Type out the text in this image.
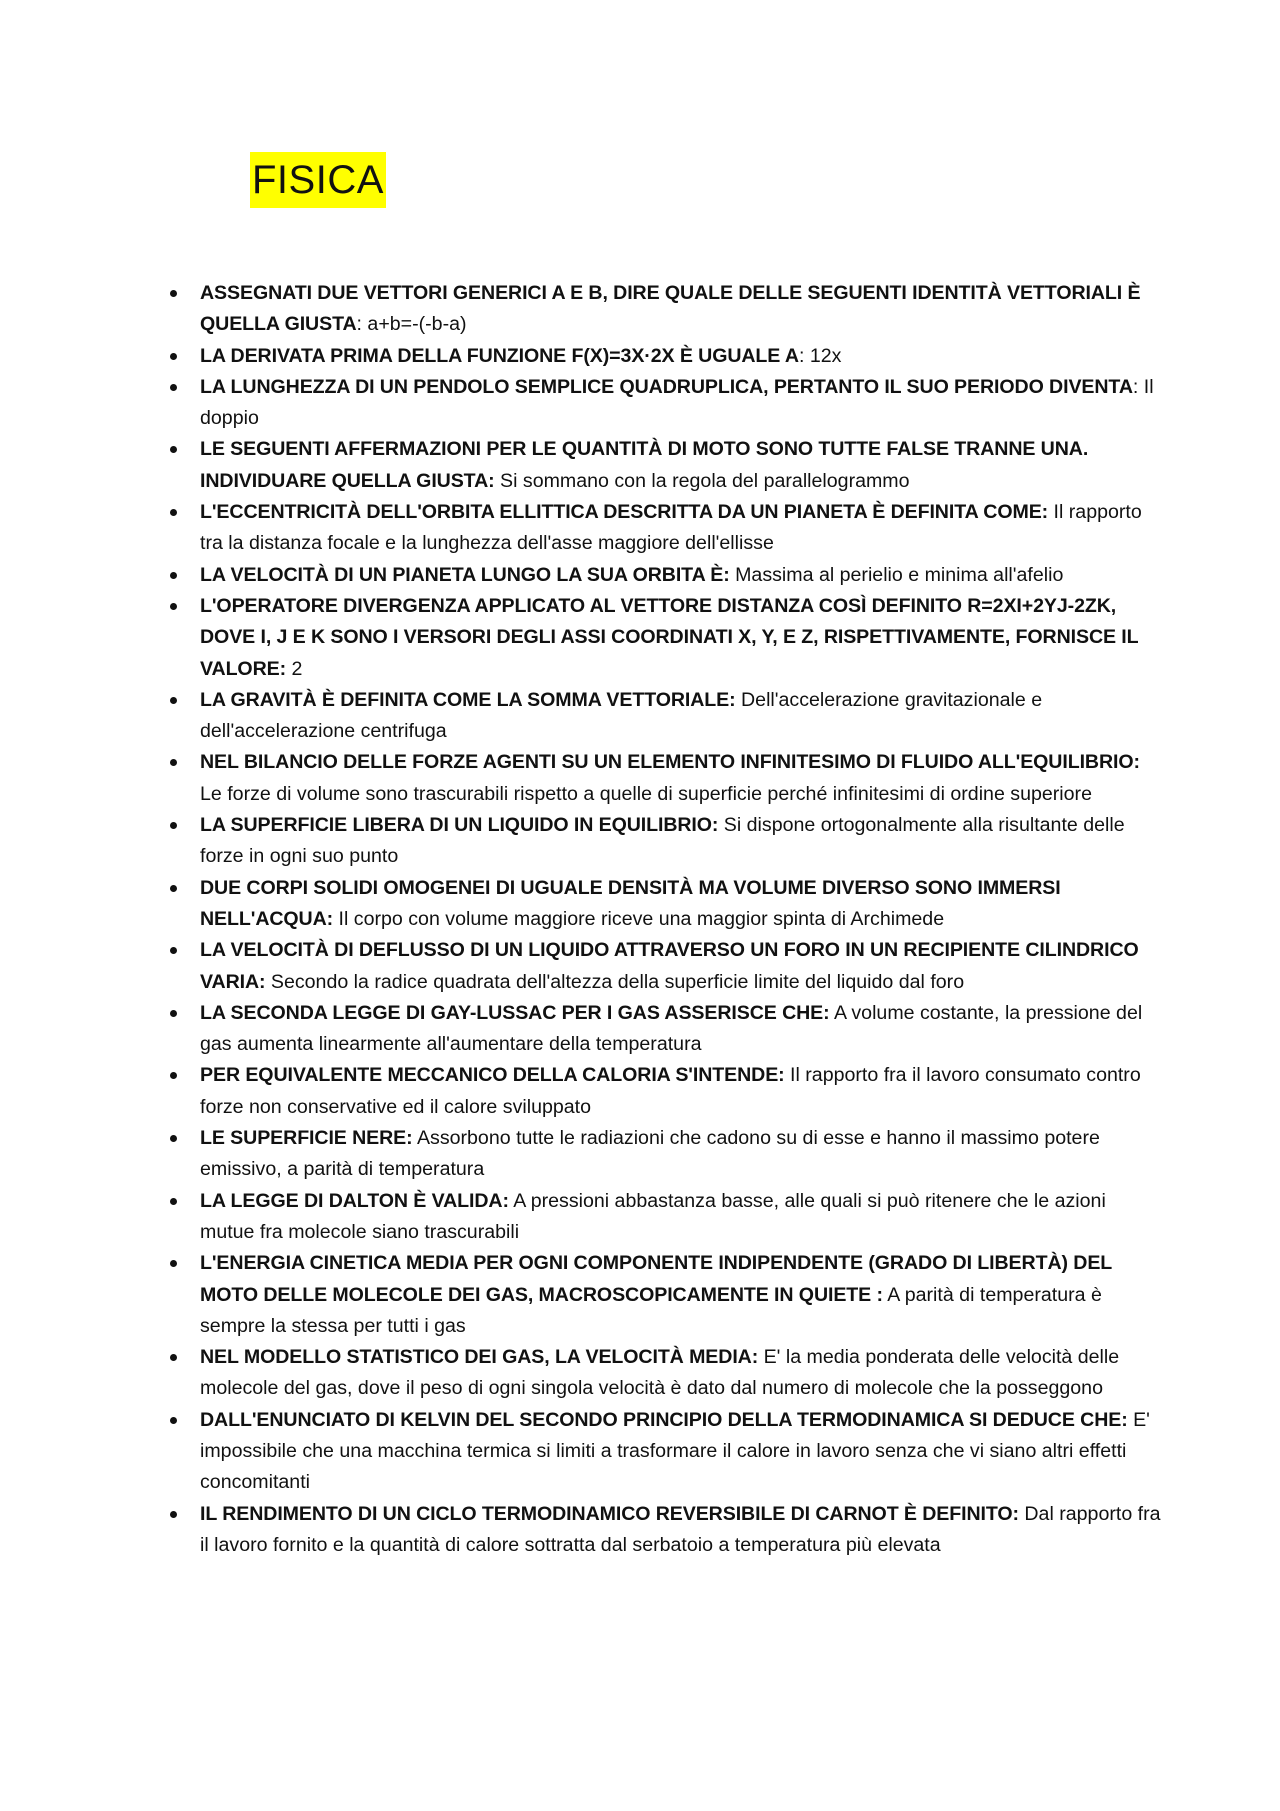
FISICA
ASSEGNATI DUE VETTORI GENERICI A E B, DIRE QUALE DELLE SEGUENTI IDENTITÀ VETTORIALI È QUELLA GIUSTA: a+b=-(-b-a)
LA DERIVATA PRIMA DELLA FUNZIONE F(X)=3X·2X È UGUALE A: 12x
LA LUNGHEZZA DI UN PENDOLO SEMPLICE QUADRUPLICA, PERTANTO IL SUO PERIODO DIVENTA: Il doppio
LE SEGUENTI AFFERMAZIONI PER LE QUANTITÀ DI MOTO SONO TUTTE FALSE TRANNE UNA. INDIVIDUARE QUELLA GIUSTA: Si sommano con la regola del parallelogrammo
L'ECCENTRICITÀ DELL'ORBITA ELLITTICA DESCRITTA DA UN PIANETA È DEFINITA COME: Il rapporto tra la distanza focale e la lunghezza dell'asse maggiore dell'ellisse
LA VELOCITÀ DI UN PIANETA LUNGO LA SUA ORBITA È: Massima al perielio e minima all'afelio
L'OPERATORE DIVERGENZA APPLICATO AL VETTORE DISTANZA COSÌ DEFINITO R=2XI+2YJ-2ZK, DOVE I, J E K SONO I VERSORI DEGLI ASSI COORDINATI X, Y, E Z, RISPETTIVAMENTE, FORNISCE IL VALORE: 2
LA GRAVITÀ È DEFINITA COME LA SOMMA VETTORIALE: Dell'accelerazione gravitazionale e dell'accelerazione centrifuga
NEL BILANCIO DELLE FORZE AGENTI SU UN ELEMENTO INFINITESIMO DI FLUIDO ALL'EQUILIBRIO: Le forze di volume sono trascurabili rispetto a quelle di superficie perché infinitesimi di ordine superiore
LA SUPERFICIE LIBERA DI UN LIQUIDO IN EQUILIBRIO: Si dispone ortogonalmente alla risultante delle forze in ogni suo punto
DUE CORPI SOLIDI OMOGENEI DI UGUALE DENSITÀ MA VOLUME DIVERSO SONO IMMERSI NELL'ACQUA: Il corpo con volume maggiore riceve una maggior spinta di Archimede
LA VELOCITÀ DI DEFLUSSO DI UN LIQUIDO ATTRAVERSO UN FORO IN UN RECIPIENTE CILINDRICO VARIA: Secondo la radice quadrata dell'altezza della superficie limite del liquido dal foro
LA SECONDA LEGGE DI GAY-LUSSAC PER I GAS ASSERISCE CHE: A volume costante, la pressione del gas aumenta linearmente all'aumentare della temperatura
PER EQUIVALENTE MECCANICO DELLA CALORIA S'INTENDE: Il rapporto fra il lavoro consumato contro forze non conservative ed il calore sviluppato
LE SUPERFICIE NERE: Assorbono tutte le radiazioni che cadono su di esse e hanno il massimo potere emissivo, a parità di temperatura
LA LEGGE DI DALTON È VALIDA: A pressioni abbastanza basse, alle quali si può ritenere che le azioni mutue fra molecole siano trascurabili
L'ENERGIA CINETICA MEDIA PER OGNI COMPONENTE INDIPENDENTE (GRADO DI LIBERTÀ) DEL MOTO DELLE MOLECOLE DEI GAS, MACROSCOPICAMENTE IN QUIETE : A parità di temperatura è sempre la stessa per tutti i gas
NEL MODELLO STATISTICO DEI GAS, LA VELOCITÀ MEDIA: E' la media ponderata delle velocità delle molecole del gas, dove il peso di ogni singola velocità è dato dal numero di molecole che la posseggono
DALL'ENUNCIATO DI KELVIN DEL SECONDO PRINCIPIO DELLA TERMODINAMICA SI DEDUCE CHE: E' impossibile che una macchina termica si limiti a trasformare il calore in lavoro senza che vi siano altri effetti concomitanti
IL RENDIMENTO DI UN CICLO TERMODINAMICO REVERSIBILE DI CARNOT È DEFINITO: Dal rapporto fra il lavoro fornito e la quantità di calore sottratta dal serbatoio a temperatura più elevata
